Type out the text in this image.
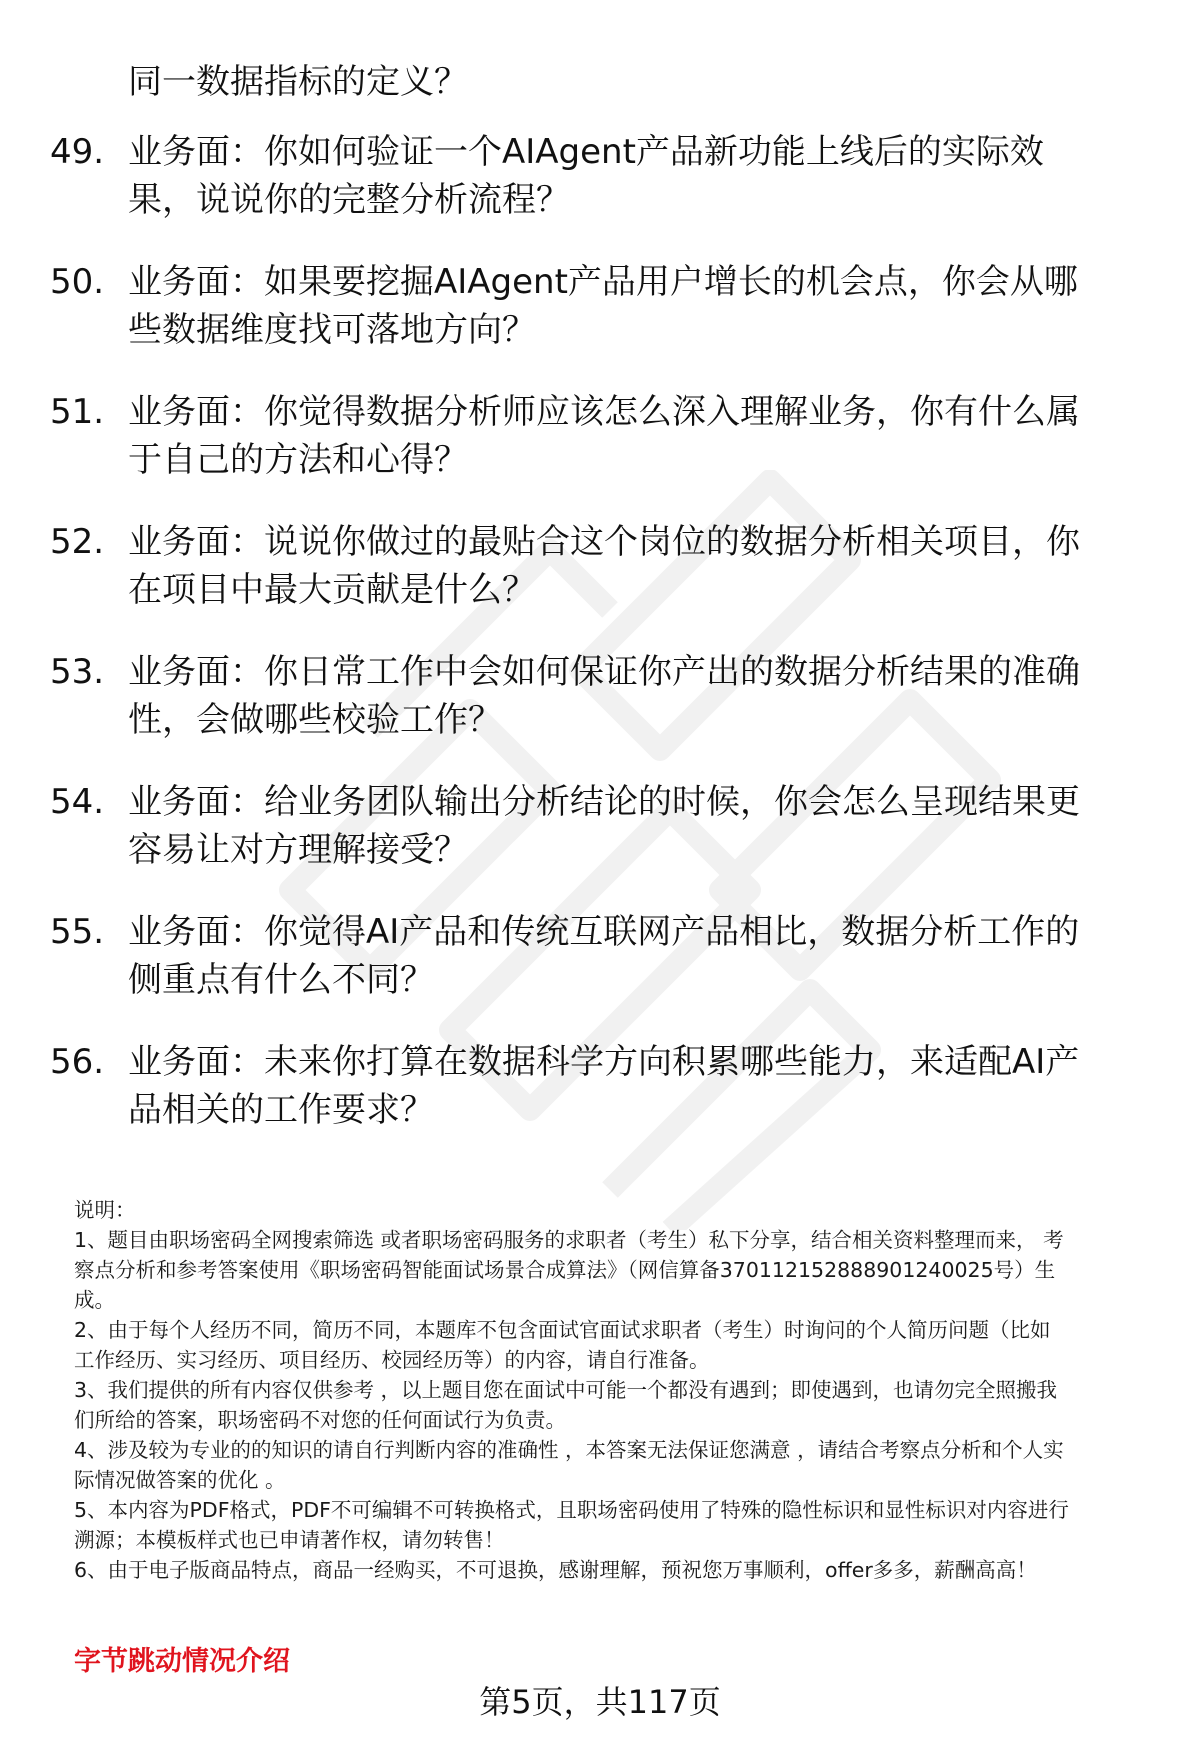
同一数据指标的定义？
49. 业务面：你如何验证一个AIAgent产品新功能上线后的实际效
果，说说你的完整分析流程？
50. 业务面：如果要挖掘AIAgent产品用户增长的机会点，你会从哪
些数据维度找可落地方向？
51. 业务面：你觉得数据分析师应该怎么深入理解业务，你有什么属
于自己的方法和心得？
52. 业务面：说说你做过的最贴合这个岗位的数据分析相关项目，你
在项目中最大贡献是什么？
53. 业务面：你日常工作中会如何保证你产出的数据分析结果的准确
性，会做哪些校验工作？
54. 业务面：给业务团队输出分析结论的时候，你会怎么呈现结果更
容易让对方理解接受？
55. 业务面：你觉得AI产品和传统互联网产品相比，数据分析工作的
侧重点有什么不同？
56. 业务面：未来你打算在数据科学方向积累哪些能力，来适配AI产
品相关的工作要求？
说明：
1、题目由职场密码全网搜索筛选 或者职场密码服务的求职者（考生）私下分享，结合相关资料整理而来， 考
察点分析和参考答案使用《职场密码智能面试场景合成算法》（网信算备370112152888901240025号）生
成。
2、由于每个人经历不同，简历不同，本题库不包含面试官面试求职者（考生）时询问的个人简历问题（比如
工作经历、实习经历、项目经历、校园经历等）的内容，请自行准备。
3、我们提供的所有内容仅供参考 ，以上题目您在面试中可能一个都没有遇到；即使遇到，也请勿完全照搬我
们所给的答案，职场密码不对您的任何面试行为负责。
4、涉及较为专业的的知识的请自行判断内容的准确性 ，本答案无法保证您满意 ，请结合考察点分析和个人实
际情况做答案的优化 。
5、本内容为PDF格式，PDF不可编辑不可转换格式，且职场密码使用了特殊的隐性标识和显性标识对内容进行
溯源；本模板样式也已申请著作权，请勿转售！
6、由于电子版商品特点，商品一经购买，不可退换，感谢理解，预祝您万事顺利，offer多多，薪酬高高！
字节跳动情况介绍
第5页，共117页
